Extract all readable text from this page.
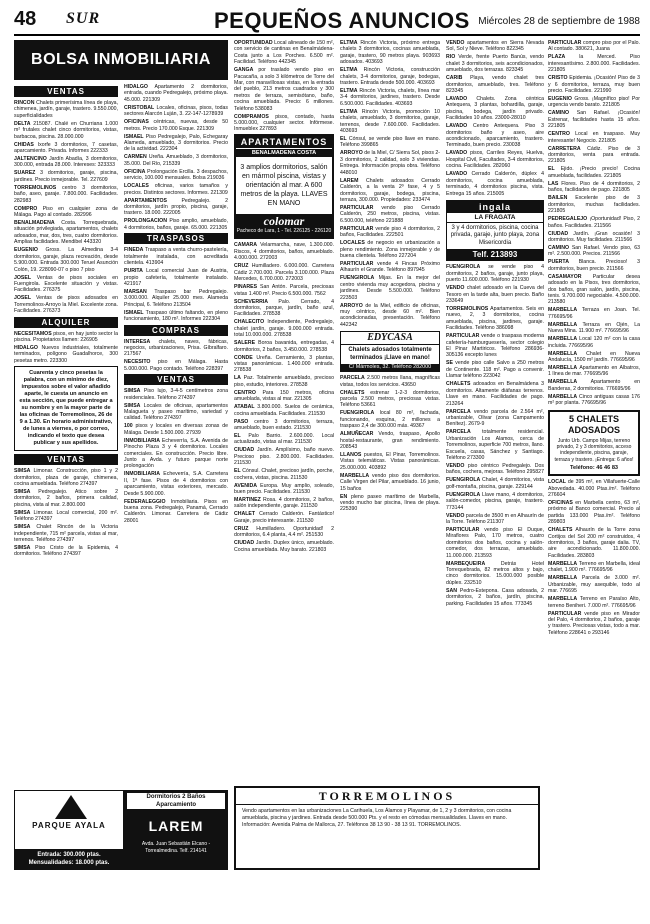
48 SUR	PEQUEÑOS ANUNCIOS Miércoles 28 de septiembre de 1988
BOLSA INMOBILIARIA
VENTAS
RINCON Chalets primerísima línea de playa, chimenea, jardín, garaje, trastero. 9.550.000, superficialidades
DELTA 215087. Chalé en Churriana 1.000 m² frutales chalet cinco dormitorios, vistas, barbacoa, piscina. 28.000.000
CHIDAS Ixorfe 3 dormitorios, 7 casetas, aparcamiento. Privada. Informes 222333
JALTENCINO Jardín Abadía, 3 dormitorios, 300.000, entrada 28.000. Intereses: 323333
SUAREZ 3 dormitorios, garaje, piscina, jardines. Precio inmejorable. Tel. 227609
TORREMOLINOS centro 3 dormitorios, baño, aseo, garaje. 7.800.000. Facilidades. 282983
COMPRO Piso en cualquier zona de Málaga. Pago al contado. 282996
BENALMADENA Costa. Torrequebrada, situación privilegiada, apartamentos, chalets adosados, mar, dos, tres, cuatro dormitorios. Amplias facilidades. Mendibel 443320
EUGENIO Gross. La Almedina 3-4 dormitorios, garaje, plaza recreación, desde 5.900.000. Entrada 300.000 Teruel Asunción Colón, 19. 228090-07 o piso 7 piso
JOSEL Ventas de pisos sociales en Fuengirola. Excelente situación y vistas. Facilidades. 276375
JOSEL Ventas de pisos adosados en Torremolinos-Arroyo la Miel. Excelente zona. Facilidades. 276373
ALQUILER
NECESITAMOS pisos, en hay junto sector la piscina. Propietarios llamen: 226905
HIDALGO Nuevos industriales, totalmente terminados, polígono Guadalhorce, 300 pesetas metro. 223300
Cuarenta y cinco pesetas la palabra, con un mínimo de diez, impuestos sobre el valor añadido aparte, le cuesta un anuncio en esta sección, que puede entregar a su nombre y en la mayor parte de las oficinas de Torremolinos, 26 de 9 a 1.30. En horario administrativo, de lunes a viernes, o por correo, indicando el texto que desea publicar y sus apellidos.
VENTAS
SIMSA Limonar. Construcción, piso 1 y 2 dormitorios, plaza de garaje, chimenea, cocina amueblada. Teléfono 274397
SIMSA Pedregalejo. Atico sobre 2 dormitorios, 2 baños, primera calidad, piscina, vista al mar. 2.800.000
SIMSA Limonar. Local comercial, 200 m². Teléfono 274397
SIMSA Chalet Rincón de la Victoria independiente, 715 m² parcela, vistas al mar, terrenos. Teléfono 274397
SIMSA Piso Cristo de la Epidemia, 4 dormitorios. Teléfono 274397
HIDALGO Apartamento 2 dormitorios, entrada, cuando Pedregalejo, próximo playa. 45.000. 221309
CRISTOBAL Locales, oficinas, pisos, todas sectores Alarcón Luján, 3. 22-147-1278939
OFICINAS céntricas, nuevas, desde 50 metros. Precio 170.000 Esque. 221309
ISMAEL Piso Pedregalejo, Palo, Echegaray Alameda, amueblado, 3 dormitorios. Precio de la actividad. 222304
CARMEN Ureña. Amueblado, 3 dormitorios, 35.000. Del Río, 215339
OFICINA Prolongación Ercilla. 3 despachos, servicio, 100.000 mensuales. Bolsa 219036
LOCALES oficinas, varios tamaños y precios. Distintos sectores. Informes. 221309
APARTAMENTOS Pedregalejo. 2 dormitorios, jardín propio, piscina, garaje, trastero. 18.000. 222005
PROLONGACION Piso amplio, amueblado, 4 dormitorios, baños, garaje. 65.000. 221305
TRASPASOS
FINEDA Traspaso a venta churro-pastelería, totalmente instalada, con acreditada clientela. 413904
PURITA Local comercial Juan de Austria, propio cafetería, totalmente instalado. 421917
MARSAN Traspaso bar Pedregalejo. 3.000.000. Alquiler 25.000 mes. Alameda Principal, 6. Teléfono 213504
ISMAEL Traspaso último faltando, en pleno funcionamiento, 180 m². Informes 222304
COMPRAS
INTERESA chalets, naves, fábricas, negocios, urbanizaciones, Prisa. Gíbralfaro. 217567
NECESITO piso en Málaga. Hasta 5.000.000. Pago contado. Teléfono 228397
VENTAS
SIMSA Piso lujo, 3-4-5 centímetros zona residenciales. Teléfono 274397
SIMSA Locales de oficinas, apartamentos Malagueta y paseo marítimo, variedad y calidad. Teléfono 274397
100 pisos y locales en diversas zonas de Málaga. Desde 1.500.000. 27939
INMOBILIARIA Echeverría, S.A. Avenida de Pinocho Plaza 3 y 4 dormitorios. Locales comerciales. En construcción. Precio libre. Junto a Avda. y futuro parque norte prolongación
INMOBILIARIA Echeverría, S.A. Carretera II, 1ª fase. Pisos de 4 dormitorios con aparcamiento, vistas exteriores, mercado. Desde 5.900.000.
FEDERALEGGIO Inmobiliaria. Pisos en buena zona. Pedregalejo, Panamá, Cerrado Calderón. Limonar. Carretera de Cádiz 28001
OPORTUNIDAD Local alineado de 150 m², con servicio de cantinas en Benalmádena-Costa junto a Los Porches. 6.500 m². Facilidad. Teléfono 442345
GANGA por traslado vendo piso en Pacacaña, a solo 3 kilómetros de Torre del Mar, con maravillosas vistas, en la entrada del pueblo, 213 metros cuadrados y 300 metros de terraza, semisótano, baño, cocina amueblada. Precio: 6 millones. Teléfono 538083
COMPRAMOS pisos, contado, hasta 5.000.000, cualquier sector. Infórmese. Inmueblex 227893
APARTAMENTOS
BENALMADENA COSTA
3 amplios dormitorios, salón en mármol piscina, vistas y orientación al mar. A 600 metros de la playa. LLAVES EN MANO
colomar
Pacheco de Lara, 1 - Tel. 226125 - 226120
CAMARA Velarmarcha, nave, 1.300.000. Riscos, 4 dormitorios, baños, amueblado. 4.000.000. 272003
CRUZ Humilladero. 6.000.000. Carretera Cádiz 2.700.000. Parcela 3.100.000. Plaza Mercedes, 6.700.000. 272003
PINARES San Antón. Parcela, preciosas vistas 1.400 m². Precio 6.500.000. 7562
SCHEVERRIA Palo. Cerrado, 4 dormitorios, parque, jardín, baño azul, Facilidades. 278538
CHALECITO Independiente, Pedregalejo, chalet jardín, garaje. 9.000.000 entrada. total 10.000.000. 278538
SALERE Boroa bavanida, entregadas, 4 dormitorios, 2 baños, 3.450.000. 278538
CONDE Ureña. Cerramiento, 3 plantas, vistas panorámicas. 1.400.000 entrada. 278538
LA Paz. Totalmente amueblado, precioso piso, estudio, interiores. 278538
CENTRO Para 150 metros, oficina amueblada, vistas al mar. 221305
ATABAL 3.800.000. Suelos de cerámica, cocina amueblada. Facilidades. 211530
PASO centro 3 dormitorios, terraza, amueblado, buen estado. 211530
EL Palo Barrio. 2.600.000. Local actualizado, vistas al mar. 211530
CIUDAD Jardín. Amplísimo, baño nuevo. Precioso piso. 2.800.000. Facilidades. 211530
EL Cónsul. Chalet, precioso jardín, porche, cochera, vistas, piscina. 211530
AVENIDA Europa. Muy amplio, soleado, buen precio. Facilidades. 211530
MARTINEZ Rosa. 4 dormitorios, 2 baños, salón independiente, garaje. 211530
CHALET Cerrado Calderón. Fantástico! Garaje, precio interesante. 211530
CRUZ Humilladero. Oportunidad! 2 dormitorios, 6.4 planta, 4.4 m². 251530
CIUDAD Jardín. Duplex único, amueblado. Cocina amueblada. Muy barato. 221803
ELTMA Rincón Victoria, próximo entrega chalets 3 dormitorios, cocinas amueblada, garaje, trastero, 90 metros playa. 903693 adosados. 403693
ELTMA Rincón Victoria, construcción chalets, 3-4 dormitorios, garaje, bodegas, trastero. Entrada desde 500.000. 403693
ELTMA Rincón Victoria, chalets, línea mar 3-4 dormitorios, jardines, trastero. Desde 6.500.000. Facilidades. 403693
ELTMA Rincón Victoria, promoción 10 chalets, amueblado, 3 dormitorios, garaje, terrenos, desde 7.600.000. Facilidades. 403693
EL Cónsul, se vende piso llave en mano. Teléfono 399865
ARROYO de la Miel, C/ Sierra Sol, pisos 2-3 dormitorios, 2 calidad, solo 3 viviendas. Entrega. Información propia obra. Teléfono 448010
LAREM Chalets adosados Cerrado Calderón, a la venta 2º fase, 4 y 5 dormitorios, garaje, bodega, piscina, terraza, 300.000. Propiedades: 233474
PARTICULAR vendo piso Cerrado Calderón, 250 metros, piscina, vistas. 6.500.000, teléfono 221888
PARTICULAR vende piso 4 dormitorios, 2 baños, Facilidades. 222501
LOCALES de negocio en urbanización a pleno rendimiento. Zona inmejorable y de buena clientela. Teléfono 227204
PARTICULAR vende 4 Fincas Próximo Alhaurín el Grande. Teléfono 897945
FUENGIROLA Mijas. En la mejor del centro vivienda muy acogedora, piscina y jardines. Desde 5.500.000. Teléfono 223503
ARROYO de la Miel, edificio de oficinas, muy céntrico, desde 60 m². Bien acondicionadas, presentación. Teléfono 442342
EDYCASA
Chalets adosados totalmente terminados ¡Llave en mano!
C/ Mármoles, 32. Teléfono 282000
PARCELA 2.500 metros llana, magníficas vistas, todos los servicios. 43650
CHALETS estrenar 1-2-3 dormitorios, parcela 2.500 metros, preciosas vistas. Teléfono 53661
FUENGIROLA local 80 m², fachada, funcionando, esquina, 2 millones a traspaso 2,4 de 300.000 más. 49367
ALMUÑECAR Vendo, traspaso, Apollo hostal-restaurante, gran rendimiento. 208543
LLANOS puestos, El Pinar, Torremolinos. Vistas telemáticas. Vistas panorámicas. 25.000.000. 403892
MARBELLA vendo piso dos dormitorios. Calle Virgen del Pilar, amueblado. 16 junio, 15 baños
EN pleno paseo marítimo de Marbella, vendo mucho bar piscina, línea de playa. 225390
VENDO apartamentos en Sierra Nevada Sol, Sol y Nieve. Teléfono 822345
RIO Verde, frente Puerto Banús, vendo chalet 3 dormitorios, seis acondicionados, amueblado, dos terrazas. 823345
CARIB Playa, vendo chalet tres dormitorios, amueblado, tres. Teléfono 823345
LAVADO Chalets. Zona céntrica Antequera, 3 plantas, bohardilla, garaje, piscina, bodega, jardín privado. Facilidades 10 años. 23000-28010
LAVADO Centro Antequera. Piso 3 dormitorios baño y aseo, aire acondicionado, aparcamiento, trastero. Terminado, buen precio. 230038
LAVADO pisos, Carriles Reyes, Huelva, Hospital Civil, Facultades, 3-4 dormitorios, cocina. Facilidades. 282060
LAVADO Cerrado Calderón, dúplex 4 dormitorios, cocina amueblada, terminado, 4 dormitorios piscina, vista. Entrega 15 años. 215005
ingala
LA FRAGATA
3 y 4 dormitorios, piscina, cocina privada, garaje, junto playa, zona Misericordia
Telf. 213893
FUENGIROLA se vende piso 4 dormitorios, 2 baños, garaje, junto playa, puerto 11.600.000. Teléfono 221930
VENDO chalet adosado en la Cueva del Tesoro en la tarde alta, buen precio. Baño 233649
TORREMOLINOS Apartamentos. Seis en nuevo, 2, 3 dormitorios, cocina amueblada, piscina, jardines, garaje. Facilidades. Teléfono 386098
PARTICULAR vende o traspasa moderna cafetería-hamburguesería, sector colegio El Pinar Martiricos. Teléfono 286936-305136 excepto lunes
SE vende piso calle Salvo a 250 metros de Continente. 118 m². Pago a convenir. Llamar teléfono 223042
CHALETS adosados en Benalmádena 3 dormitorios. Altamente diáfanas terrenos. Llave en mano. Facilidades de pago. 213264
PARCELA vendo parcela de 2.564 m², urbanizable, Olivar (zona Campamento Benítez). 2679-9
PARCELA totalmente residencial. Urbanización Los Alamos, cerca de Torremolinos, superficie 700 metros, llano. Escuela, casas, Sánchez y Santiago. Teléfono 273300
VENDO piso céntrico Pedregalejo. Dos baños, cochera, mejoras. Teléfono 295827
FUENGIROLA Chalet, 4 dormitorios, vista golf-montaña, piscina, garaje. 229144
FUENGIROLA Llave mano, 4 dormitorios, salón-comedor, piscina, garaje, trastero. 773144
VENDO parcela de 3500 m en Alhaurín de la Torre. Teléfono 211307
PARTICULAR vendo piso El Duque, Miraflores Palo, 170 metros, cuatro dormitorios dos baños, cocina y salón-comedor, dos terrazas, amueblado. 11.000.000. 213593
MARBEQUEIRA Detrás Hotel Torrequebrada, 82 metros altos y bajo, cinco dormitorios. 15.000.000 posible dúplex. 232510
SAN Pedro-Estepona. Casa adosada, 2 dormitorios, 2 baños, jardín, piscina, parking. Facilidades 15 años. 773345
PARTICULAR compro piso por el Palo. Al contado. 380621, Juana
PLAZA la Merced. Piso interesantísimo. 2.800.000. Facilidades. 221805
CRISTO Epidemia. ¡Ocasión! Piso de 3 y 6 dormitorios, terraza, muy buen precio. Facilidades. 221990
EUGENIO Gross. ¡Magnífico piso! Por urgencia vendo barato. 221805
CAMINO San Rafael. ¡Ocasión! Estrenar, facilidades hasta 15 años. 221805
CENTRO Local en traspaso. Muy interesante! Negocio. 221805
CARRETERA Cádiz. Piso de 3 dormitorios, venta para entrada. 221805
EL Ejido. ¡Precio precio! Cocina amueblada, facilidades. 221805
LAS Flores. Piso de 4 dormitorios, 2 baños, facilidades de pago. 221805
BAILEN Excelente piso de 3 dormitorios, muchas facilidades. 221805
PEDREGALEJO ¡Oportunidad! Piso, 2 baños. Facilidades. 211566
CIUDAD Jardín. ¡Gran ocasión! 3 dormitorios. Muy facilidades. 211566
CAMINO San Rafael. Vendo piso, 63 m². 2.500.000. Precios. 211566
PUERTA Blanca. Precioso! 3 dormitorios, buen precio. 211566
CASAMAYOR Particular desea adosado en la Pisos, tres dormitorios, dos baños, gran salón, jardín, piscina, tenis. 9.700.000 negociable. 4.500.000. 213580
MARBELLA Terraza en Joan. Tel. 776695/96
MARBELLA Terraza en Ojén, La Nueva Mina. 11.900 m². 776695/96
MARBELLA Local 120 m² con la casa incluida. 776695/96
MARBELLA Chalet en Nueva Andalucía, 1500 m² jardín. 776695/96
MARBELLA Apartamento en Albatros, 1 línea de mar. 776695/96
MARBELLA Apartamento en Banderas, 2 dormitorios. 776695/96
MARBELLA Cinco antiguas casas 176 m² por planta. 776695/96
5 CHALETS ADOSADOS
Junto Urb. Campo Mijas, terreno privado, 2 y 3 dormitorios, acceso independiente, piscina, garaje, terraza y trastero. ¡Entrega: 6 años!
Teléfono: 46 46 83
LOCAL de 395 m², en Villafuerte-Calle Abovedada. 40.000 Ptas./m². Teléfono 276604
OFICINAS en Marbella centro, 63 m², próximo al Banco comercial. Precio al partida 133.000 Ptas./m². Teléfono 289803
CHALETS Alhaurín de la Torre zona Cortijos del Sol 200 m² construidos, 4 dormitorios, 3 baños, garaje dalia. TV, aire acondicionado. 11.800.000. Facilidades. 283803
MARBELLA Terreno en Marbella, ideal chalet, 1.900 m². 776695/96
MARBELLA Parcela de 3.000 m². Urbanizable, muy asequible, todo al mar. 776695
MARBELLA Terreno en Paraíso Alto, terreno Beniheri. 7.000 m². 776695/96
PARTICULAR vende piso en Mirador del Palo, 4 dormitorios, 2 baños, garaje y trastero. Preciosas vistas, todo a mar. Teléfono 228641 o 293146
PARQUE AYALA
Entrada: 300.000 ptas. Mensualidades: 18.000 ptas.
Dormitorios 2 Baños Aparcamiento
LAREM
Avda. Juan Sebastián Elcano - Torrealmedina. Telf. 214141
TORREMOLINOS
Vendo apartamentos en las urbanizaciones La Carihuela, Los Álamos y Playamar, de 1, 2 y 3 dormitorios, con cocina amueblada, piscina y jardines. Entrada desde 500.000 Pts. y el resto en cómodas mensualidades. Llaves en mano. Información: Avenida Palma de Mallorca, 27. Teléfonos 38 13 90 - 38 13 91. TORREMOLINOS.
